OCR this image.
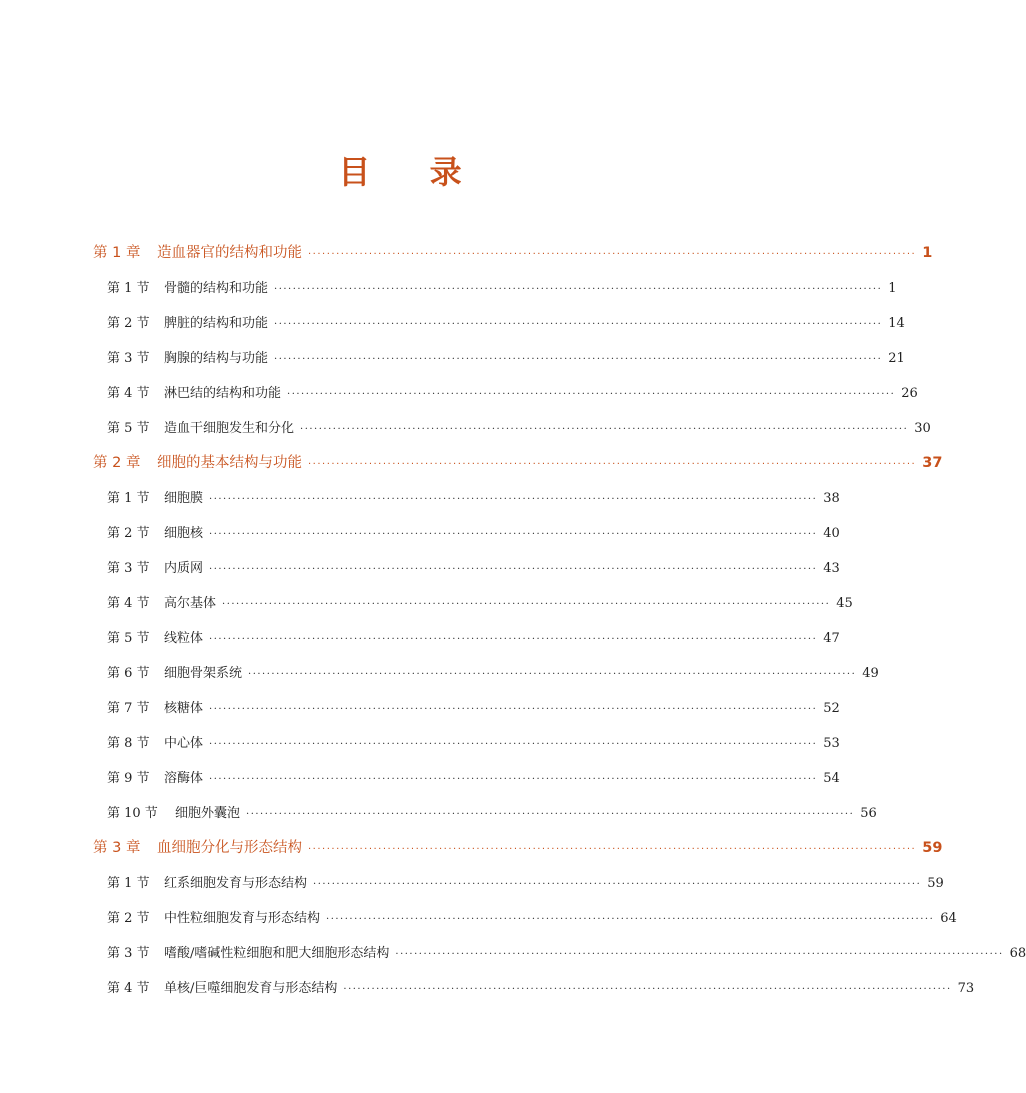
目 录
第 1 章	造血器官的结构和功能 ·································································································································· 1
第 1 节	骨髓的结构和功能 ·································································································································· 1
第 2 节	脾脏的结构和功能 ·································································································································· 14
第 3 节	胸腺的结构与功能 ·································································································································· 21
第 4 节	淋巴结的结构和功能 ·································································································································· 26
第 5 节	造血干细胞发生和分化 ·································································································································· 30
第 2 章	细胞的基本结构与功能 ·································································································································· 37
第 1 节	细胞膜 ·································································································································· 38
第 2 节	细胞核 ·································································································································· 40
第 3 节	内质网 ·································································································································· 43
第 4 节	高尔基体 ·································································································································· 45
第 5 节	线粒体 ·································································································································· 47
第 6 节	细胞骨架系统 ·································································································································· 49
第 7 节	核糖体 ·································································································································· 52
第 8 节	中心体 ·································································································································· 53
第 9 节	溶酶体 ·································································································································· 54
第 10 节	细胞外囊泡 ·································································································································· 56
第 3 章	血细胞分化与形态结构 ·································································································································· 59
第 1 节	红系细胞发育与形态结构 ·································································································································· 59
第 2 节	中性粒细胞发育与形态结构 ·································································································································· 64
第 3 节	嗜酸/嗜碱性粒细胞和肥大细胞形态结构 ·································································································································· 68
第 4 节	单核/巨噬细胞发育与形态结构 ·································································································································· 73
